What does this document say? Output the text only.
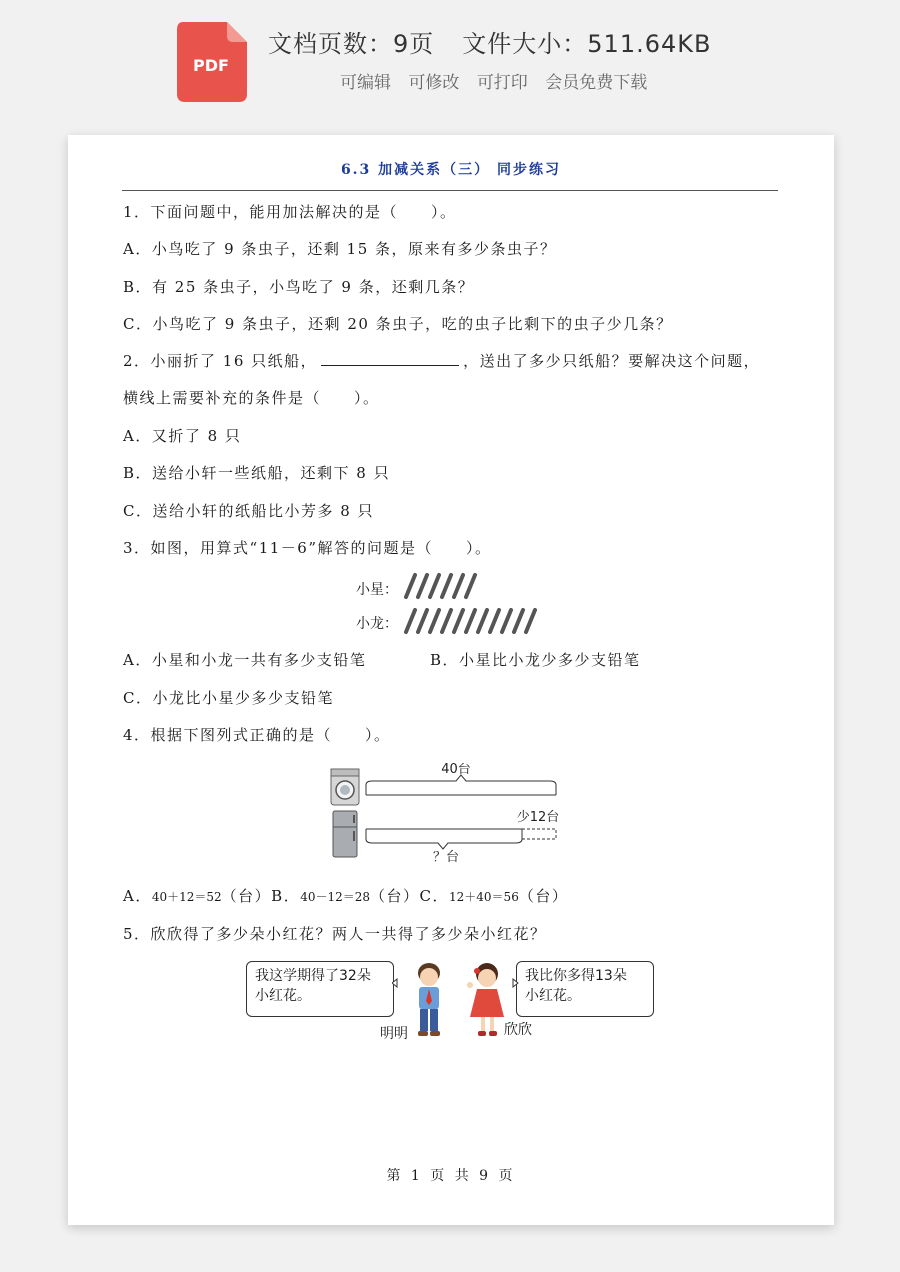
PDF
文档页数：9页 文件大小：511.64KB
可编辑 可修改 可打印 会员免费下载
6.3 加减关系（三） 同步练习
1．下面问题中，能用加法解决的是（　　）。
A．小鸟吃了 9 条虫子，还剩 15 条，原来有多少条虫子？
B．有 25 条虫子，小鸟吃了 9 条，还剩几条？
C．小鸟吃了 9 条虫子，还剩 20 条虫子，吃的虫子比剩下的虫子少几条？
2．小丽折了 16 只纸船，	，送出了多少只纸船？要解决这个问题，
横线上需要补充的条件是（　　）。
A．又折了 8 只
B．送给小轩一些纸船，还剩下 8 只
C．送给小轩的纸船比小芳多 8 只
3．如图，用算式“11－6”解答的问题是（　　）。
小星：
小龙：
A．小星和小龙一共有多少支铅笔	B．小星比小龙少多少支铅笔
C．小龙比小星少多少支铅笔
4．根据下图列式正确的是（　　）。
40台
少12台
？台
A．40＋12＝52（台）B．40－12＝28（台）C．12＋40＝56（台）
5．欣欣得了多少朵小红花？两人一共得了多少朵小红花？
我这学期得了32朵
小红花。
我比你多得13朵
小红花。
明明	欣欣
第 1 页 共 9 页
